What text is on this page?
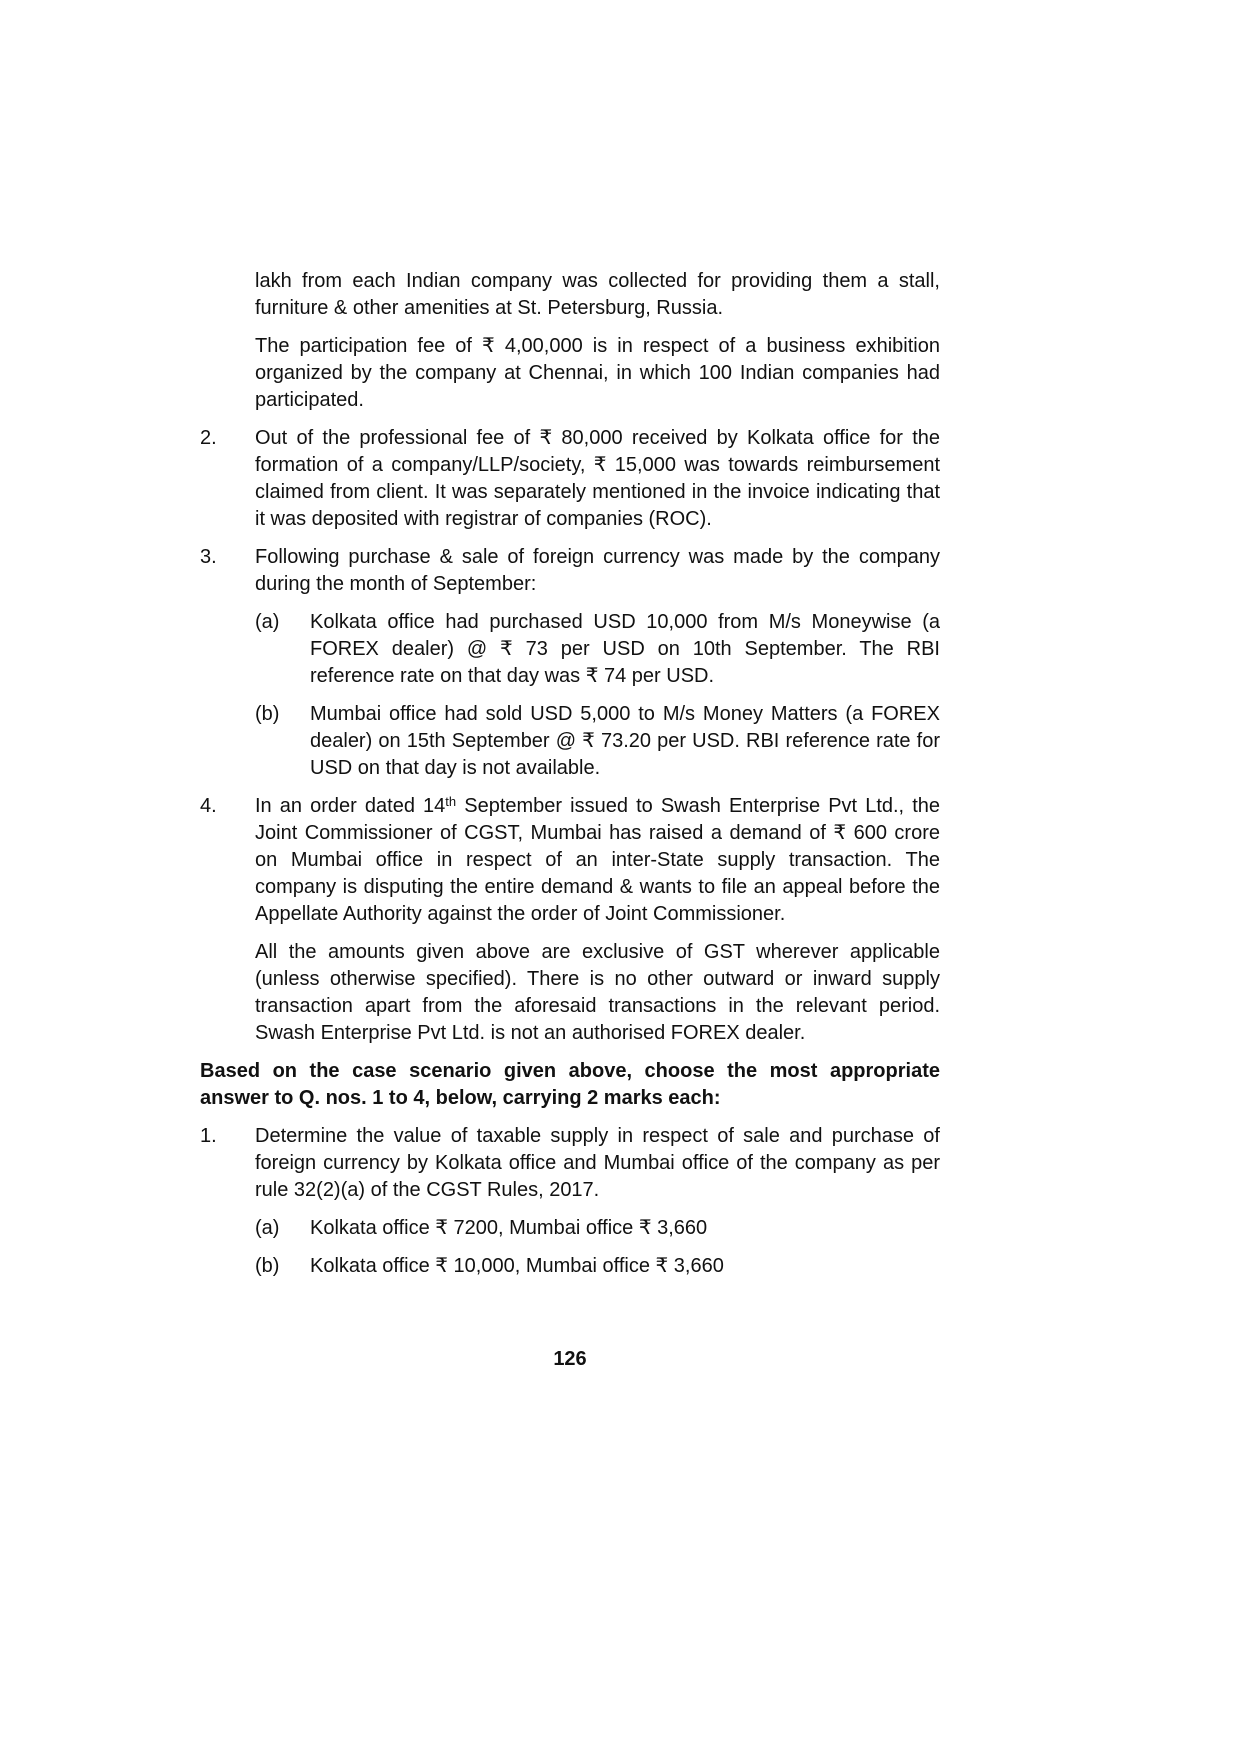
lakh from each Indian company was collected for providing them a stall, furniture & other amenities at St. Petersburg, Russia.

The participation fee of ₹ 4,00,000 is in respect of a business exhibition organized by the company at Chennai, in which 100 Indian companies had participated.

2.	Out of the professional fee of ₹ 80,000 received by Kolkata office for the formation of a company/LLP/society, ₹ 15,000 was towards reimbursement claimed from client. It was separately mentioned in the invoice indicating that it was deposited with registrar of companies (ROC).

3.	Following purchase & sale of foreign currency was made by the company during the month of September:

(a)	Kolkata office had purchased USD 10,000 from M/s Moneywise (a FOREX dealer) @ ₹ 73 per USD on 10th September. The RBI reference rate on that day was ₹ 74 per USD.

(b)	Mumbai office had sold USD 5,000 to M/s Money Matters (a FOREX dealer) on 15th September @ ₹ 73.20 per USD. RBI reference rate for USD on that day is not available.

4.	In an order dated 14th September issued to Swash Enterprise Pvt Ltd., the Joint Commissioner of CGST, Mumbai has raised a demand of ₹ 600 crore on Mumbai office in respect of an inter-State supply transaction. The company is disputing the entire demand & wants to file an appeal before the Appellate Authority against the order of Joint Commissioner.

All the amounts given above are exclusive of GST wherever applicable (unless otherwise specified). There is no other outward or inward supply transaction apart from the aforesaid transactions in the relevant period. Swash Enterprise Pvt Ltd. is not an authorised FOREX dealer.

Based on the case scenario given above, choose the most appropriate answer to Q. nos. 1 to 4, below, carrying 2 marks each:

1.	Determine the value of taxable supply in respect of sale and purchase of foreign currency by Kolkata office and Mumbai office of the company as per rule 32(2)(a) of the CGST Rules, 2017.

(a)	Kolkata office ₹ 7200, Mumbai office ₹ 3,660

(b)	Kolkata office ₹ 10,000, Mumbai office ₹ 3,660

126
